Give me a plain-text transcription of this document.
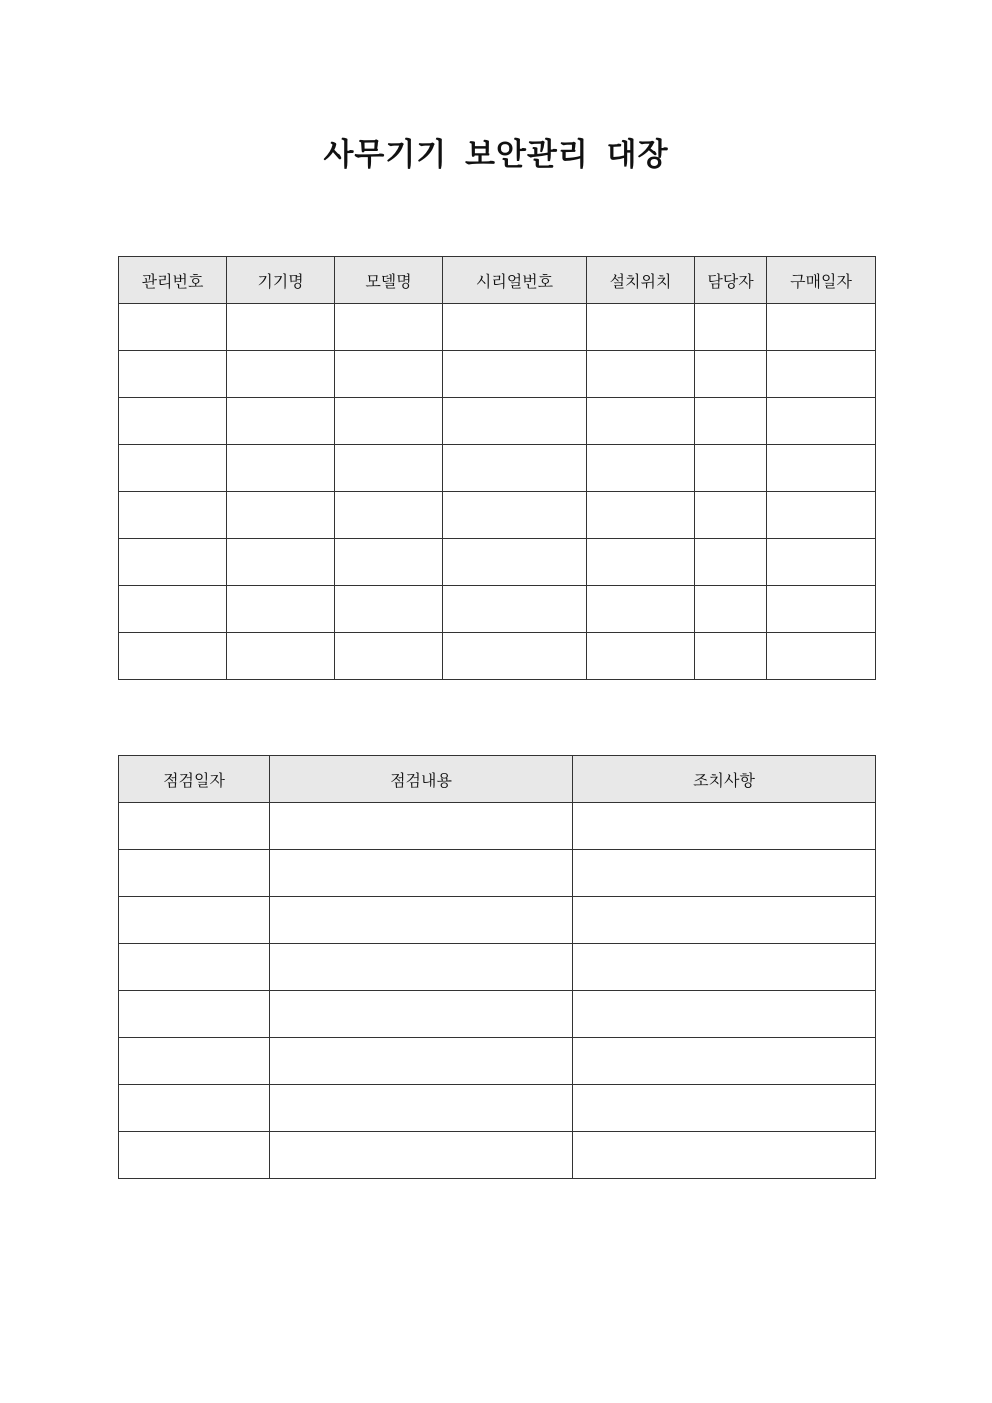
사무기기 보안관리 대장
관리번호	기기명	모델명	시리얼번호	설치위치	담당자	구매일자

점검일자	점검내용	조치사항
